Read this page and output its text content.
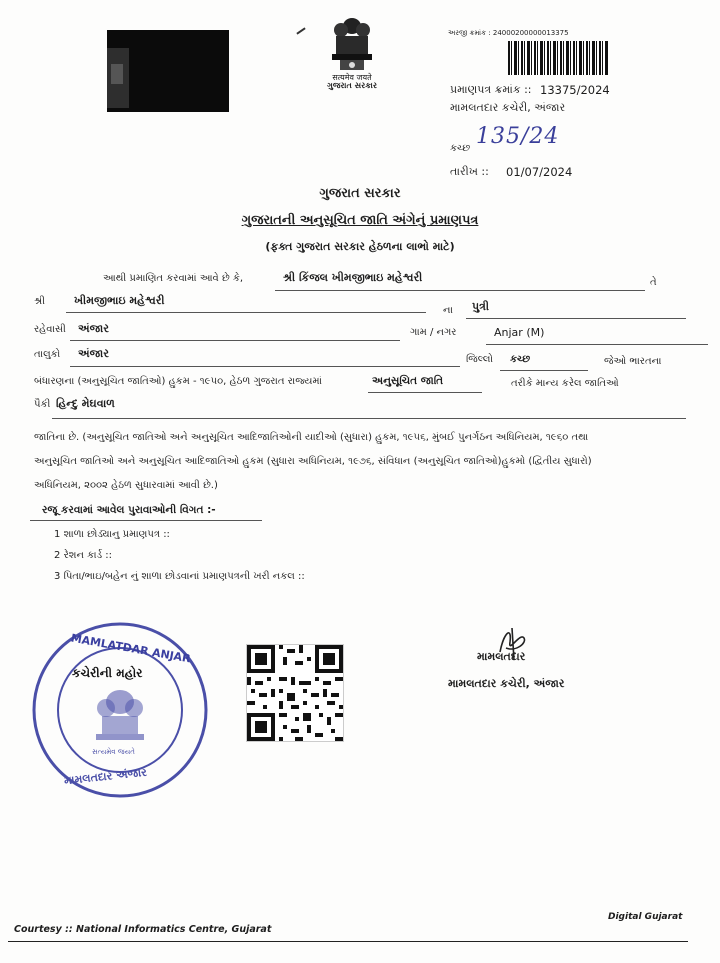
सत्यमेव जयते
ગુજરાત સરકાર
અરજી ક્રમાંક : 24000200000013375
પ્રમાણપત્ર ક્રમાંક :: 13375/2024
મામલતદાર કચેરી, અંજાર
કચ્છ 135/24
તારીખ :: 01/07/2024
ગુજરાત સરકાર
ગુજરાતની અનુસૂચિત જાતિ અંગેનું પ્રમાણપત્ર
(ફક્ત ગુજરાત સરકાર હેઠળના લાભો માટે)
આથી પ્રમાણિત કરવામાં આવે છે કે,	શ્રી કિંજલ ખીમજીભાઇ મહેશ્વરી	તે
શ્રી	ખીમજીભાઇ મહેશ્વરી
ના પુત્રી
રહેવાસી અંજાર	ગામ / નગર	Anjar (M)
તાલુકો અંજાર	જિલ્લો કચ્છ	જેઓ ભારતના
બંધારણના (અનુસૂચિત જાતિઓ) હુકમ - ૧૯૫૦, હેઠળ ગુજરાત રાજ્યમાં	અનુસૂચિત જાતિ	તરીકે માન્ય કરેલ જાતિઓ
પૈકી હિન્દુ મેઘવાળ
જાતિના છે. (અનુસૂચિત જાતિઓ અને અનુસૂચિત આદિજાતિઓની યાદીઓ (સુધારા) હુકમ, ૧૯૫૬, મુંબઈ પુનર્ગઠન અધિનિયમ, ૧૯૬૦ તથા
અનુસૂચિત જાતિઓ અને અનુસૂચિત આદિજાતિઓ હુકમ (સુધારા અધિનિયમ, ૧૯૭૬, સંવિધાન (અનુસૂચિત જાતિઓ)હુકમો (દ્વિતીય સુધારો)
અધિનિયમ, ૨૦૦૨ હેઠળ સુધારવામાં આવી છે.)
રજૂ કરવામાં આવેલ પુરાવાઓની વિગત :-
1 શાળા છોડ્યાનુ પ્રમાણપત્ર ::
2 રેશન કાર્ડ ::
3 પિતા/ભાઇ/બહેન નું શાળા છોડવાનાં પ્રમાણપત્રની ખરી નકલ ::
MAMLATDAR ANJAR
કચેરીની મહોર
સત્યમેવ જયતે
મામલતદાર અંજાર
મામલતદાર
મામલતદાર કચેરી, અંજાર
Digital Gujarat
Courtesy :: National Informatics Centre, Gujarat
